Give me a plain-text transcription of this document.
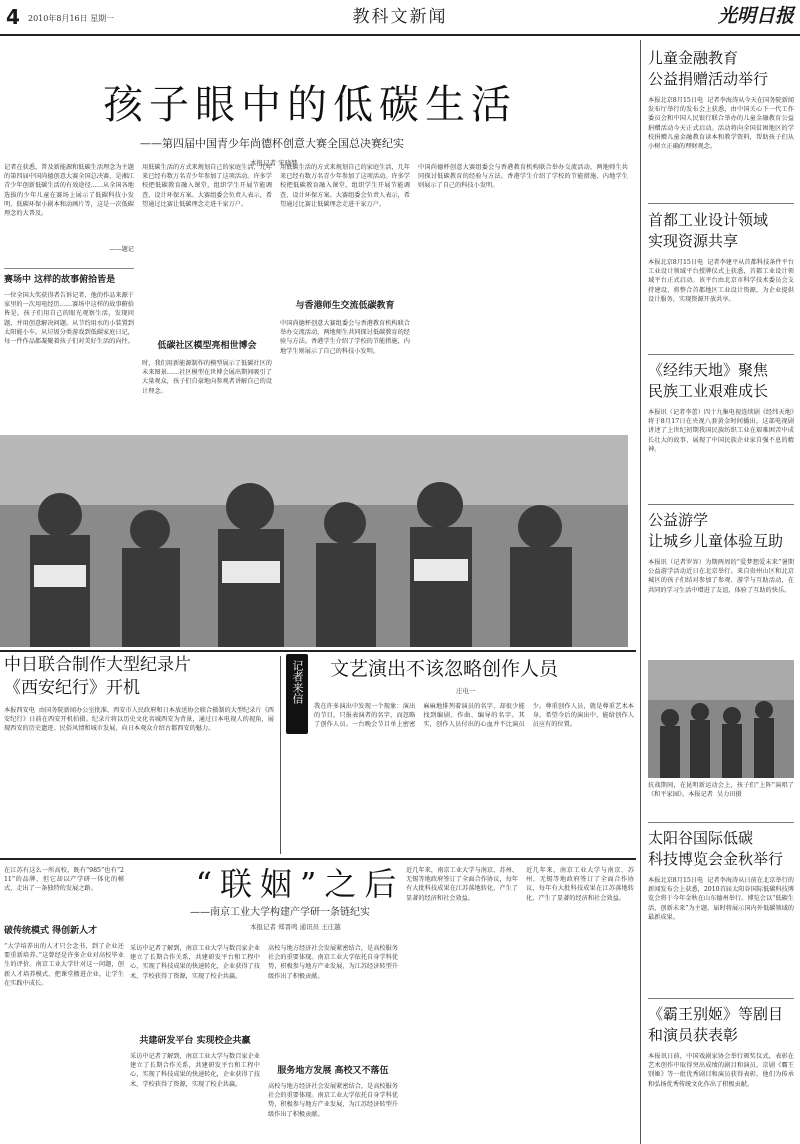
4 2010年8月16日 星期一	教科文新闻	光明日报
孩子眼中的低碳生活
——第四届中国青少年尚德杯创意大赛全国总决赛纪实
本报记者 宋晓梦
记者在获悉，普及新能源和低碳生活理念为主题的第四届中国尚德创意大赛全国总决赛，是湘江青少年创新低碳生活的有效途径……从全国各地选拔的少年儿童在赛场上展示了低碳科技小发明、低碳环保小剧本和动画片等，这是一次低碳理念的大普及。
——题记
赛场中 这样的故事俯拾皆是
一位全国大奖获得者告诉记者，他的作品来源于家里的一次用电经历……赛场中这样的故事俯拾皆是。孩子们用自己的眼光观察生活，发现问题，并用创意解决问题。从节约用水的小装置到太阳能小车，从垃圾分类游戏到低碳家庭日记，每一件作品都凝聚着孩子们对美好生活的向往。
用低碳生活的方式来规划自己的家庭生活，几年来已经有数万名青少年参加了这项活动。许多学校把低碳教育融入课堂，组织学生开展节能调查、设计环保方案。大赛组委会负责人表示，希望通过比赛让低碳理念走进千家万户。
低碳社区模型亮相世博会
时，我们用新能源制作的模型展示了低碳社区的未来图景……社区模型在世博会展出期间吸引了大量观众，孩子们自豪地向参观者讲解自己的设计理念。
用低碳生活的方式来规划自己的家庭生活，几年来已经有数万名青少年参加了这项活动。许多学校把低碳教育融入课堂，组织学生开展节能调查、设计环保方案。大赛组委会负责人表示，希望通过比赛让低碳理念走进千家万户。
与香港师生交流低碳教育
中国尚德杯创意大赛组委会与香港教育机构联合举办交流活动，两地师生共同探讨低碳教育的经验与方法。香港学生介绍了学校的节能措施，内地学生则展示了自己的科技小发明。
中国尚德杯创意大赛组委会与香港教育机构联合举办交流活动，两地师生共同探讨低碳教育的经验与方法。香港学生介绍了学校的节能措施，内地学生则展示了自己的科技小发明。
儿童金融教育
公益捐赠活动举行
本报北京8月15日电  记者李海涛从今天在国务院新闻发布厅举行的发布会上获悉，由中国关心下一代工作委员会和中国人民银行联合举办的儿童金融教育公益捐赠活动今天正式启动。活动将向全国贫困地区的学校捐赠儿童金融教育读本和教学资料，帮助孩子们从小树立正确的理财观念。
首都工业设计领域
实现资源共享
本报北京8月15日电  记者李建平从首都科技条件平台工业设计领域平台授牌仪式上获悉，首都工业设计领域平台正式启动。该平台由北京市科学技术委员会支持建设，将整合首都地区工业设计资源，为企业提供设计服务，实现资源开放共享。
《经纬天地》聚焦
民族工业艰难成长
本报讯（记者李蕾）四十九集电视连续剧《经纬天地》将于8月17日在央视八套黄金时间播出。这部电视剧讲述了上世纪初期我国民族纺织工业在艰难困苦中成长壮大的故事，展现了中国民族企业家自强不息的精神。
公益游学
让城乡儿童体验互助
本报讯（记者罗容）为期两周的“爱梦想爱未来”暑期公益游学活动近日在北京举行。来自贵州山区和北京城区的孩子们结对参加了参观、游学与互助活动，在共同的学习生活中增进了友谊，体验了互助的快乐。
抗战期间，在昆明新运动会上，孩子们“上阵”演唱了《和平家园》。本报记者  吴力田摄
太阳谷国际低碳
科技博览会金秋举行
本报北京8月15日电  记者李海涛从日前在北京举行的新闻发布会上获悉，2010首届太阳谷国际低碳科技博览会将于今年金秋在山东德州举行。博览会以“低碳生活，创新未来”为主题，届时将展示国内外低碳领域的最新成果。
《霸王别姬》等剧目
和演员获表彰
本报讯日前，中国戏剧家协会举行颁奖仪式，表彰在艺术创作中取得突出成绩的剧目和演员。京剧《霸王别姬》等一批优秀剧目和演员获得表彰，他们为传承和弘扬优秀传统文化作出了积极贡献。
中日联合制作大型纪录片
《西安纪行》开机
本报西安电  由国务院新闻办公室批准、西安市人民政府和日本放送协会联合摄制的大型纪录片《西安纪行》日前在西安开机拍摄。纪录片将以历史文化名城西安为背景，通过日本电视人的视角，展现西安的历史遗迹、民俗风情和城市发展，向日本观众介绍古都西安的魅力。
记者来信 文艺演出不该忽略创作人员
庄电一
我在许多演出中发现一个现象：演出的节目，只报表演者的名字，而忽略了创作人员。一台晚会节目单上密密麻麻地排列着演员的名字，却很少能找到编剧、作曲、编导的名字。其实，创作人员付出的心血并不比演员少。尊重创作人员，就是尊重艺术本身。希望今后的演出中，能给创作人员应有的位置。
在江苏有这么一所高校，既有“985”也有“211”的品牌，但它却以产学研一体化的模式，走出了一条独特的发展之路。	“联姻”之后
——南京工业大学构建产学研一条链纪实
本报记者 郑晋鸣 通讯员 王庄越
破传统模式 得创新人才
“大学培养出的人才只会念书，到了企业还要重新培养。”这曾经是许多企业对高校毕业生的评价。南京工业大学针对这一问题，创新人才培养模式，把课堂搬进企业，让学生在实践中成长。
采访中记者了解到，南京工业大学与数百家企业建立了长期合作关系，共建研发平台和工程中心，实现了科技成果的快速转化，企业获得了技术，学校获得了资源，实现了校企共赢。
共建研发平台 实现校企共赢
采访中记者了解到，南京工业大学与数百家企业建立了长期合作关系，共建研发平台和工程中心，实现了科技成果的快速转化，企业获得了技术，学校获得了资源，实现了校企共赢。
高校与地方经济社会发展紧密结合，是高校服务社会的重要体现。南京工业大学依托自身学科优势，积极参与地方产业发展，为江苏经济转型升级作出了积极贡献。
服务地方发展 高校又不落伍
高校与地方经济社会发展紧密结合，是高校服务社会的重要体现。南京工业大学依托自身学科优势，积极参与地方产业发展，为江苏经济转型升级作出了积极贡献。
近几年来，南京工业大学与南京、苏州、无锡等地政府签订了全面合作协议，每年有大批科技成果在江苏落地转化，产生了显著的经济和社会效益。
近几年来，南京工业大学与南京、苏州、无锡等地政府签订了全面合作协议，每年有大批科技成果在江苏落地转化，产生了显著的经济和社会效益。
